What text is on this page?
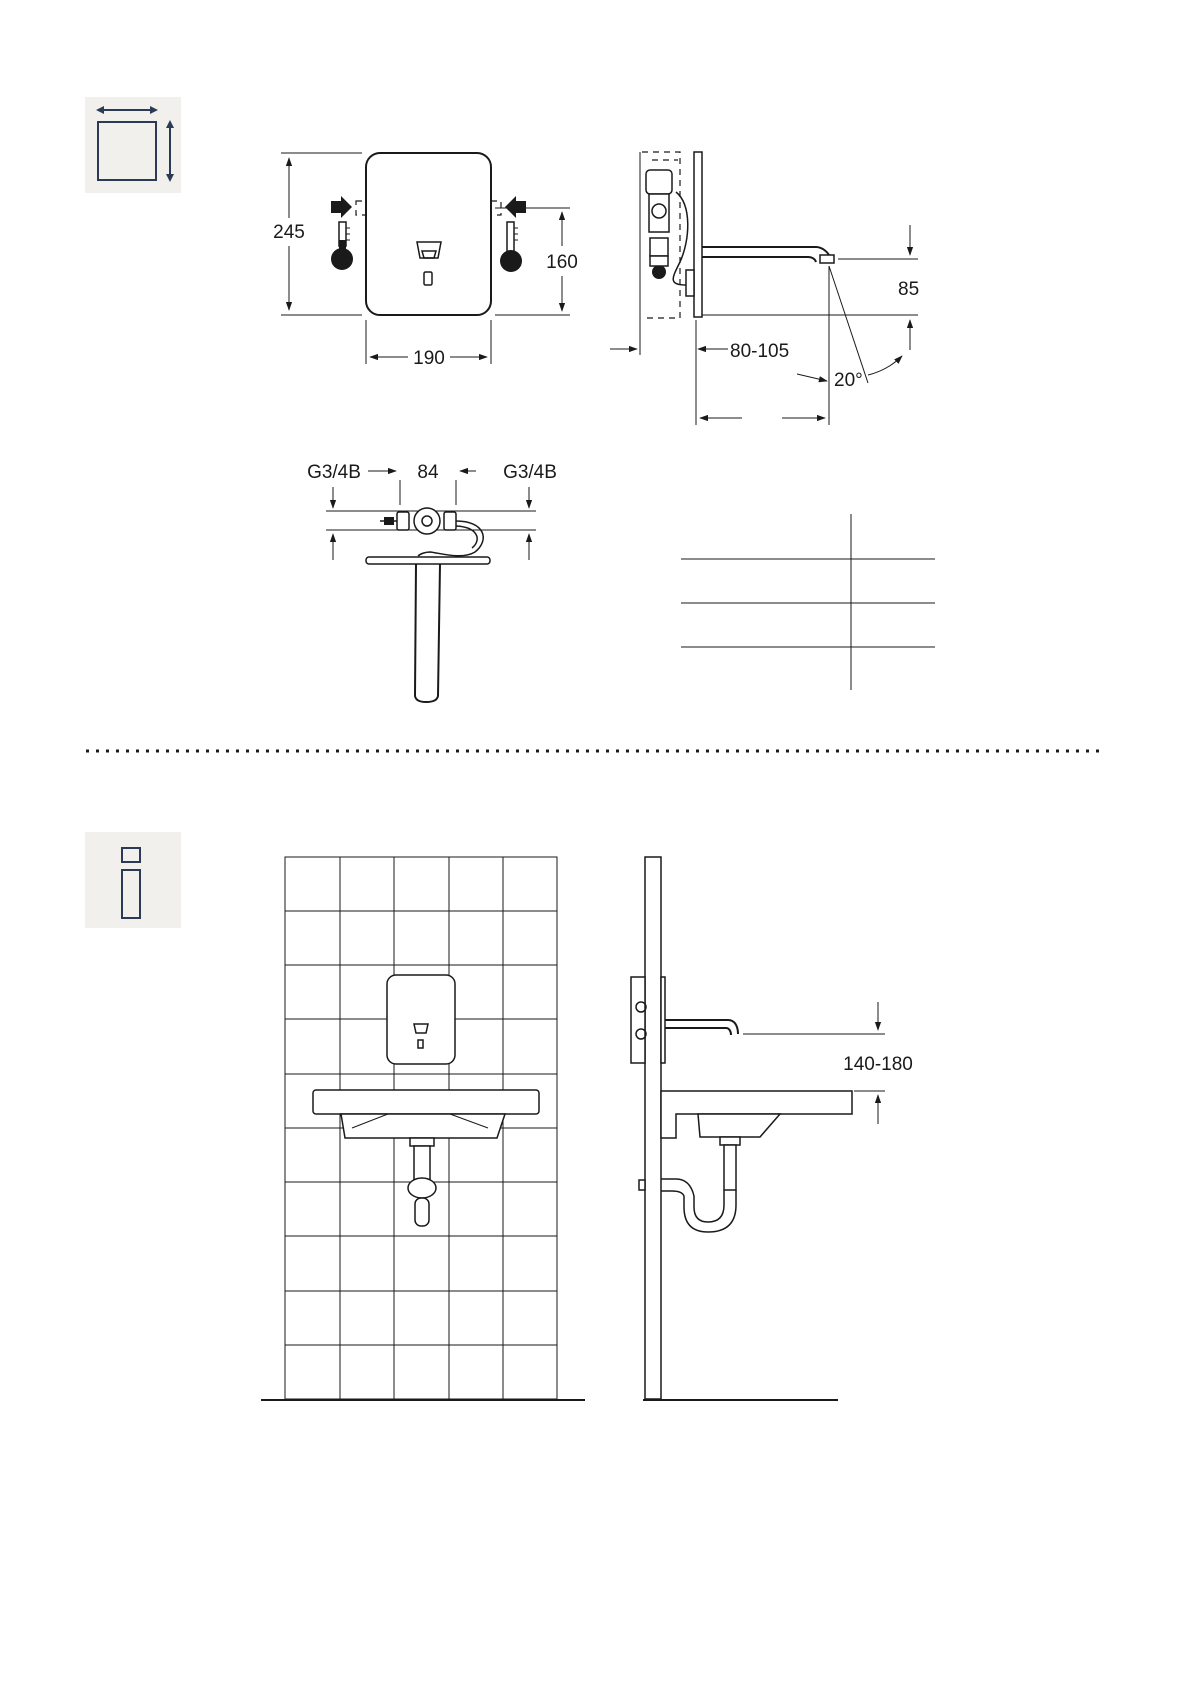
245
160
190
85
80-105
20°
G3/4B	84	G3/4B
140-180
